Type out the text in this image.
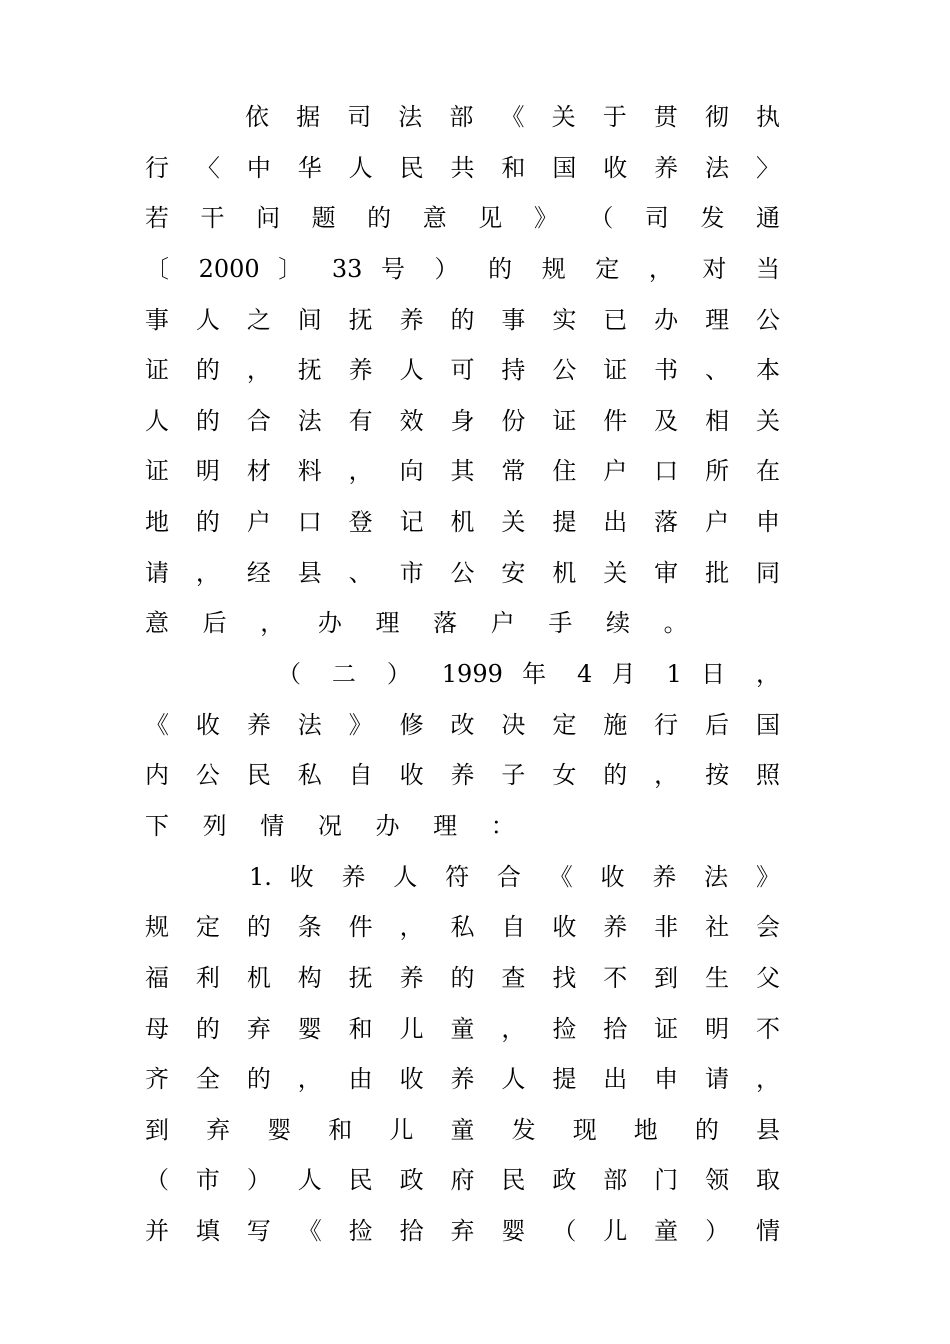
依 据 司 法 部 《 关 于 贯 彻 执
行 〈 中 华 人 民 共 和 国 收 养 法 〉
若 干 问 题 的 意 见 》 （ 司 发 通
〔 2000 〕 33 号 ） 的 规 定 ， 对 当
事 人 之 间 抚 养 的 事 实 已 办 理 公
证 的 ， 抚 养 人 可 持 公 证 书 、 本
人 的 合 法 有 效 身 份 证 件 及 相 关
证 明 材 料 ， 向 其 常 住 户 口 所 在
地 的 户 口 登 记 机 关 提 出 落 户 申
请 ， 经 县 、 市 公 安 机 关 审 批 同
意 后 ， 办 理 落 户 手 续 。
（ 二 ） 1999 年 4 月 1 日 ，
《 收 养 法 》 修 改 决 定 施 行 后 国
内 公 民 私 自 收 养 子 女 的 ， 按 照
下 列 情 况 办 理 ：
1. 收 养 人 符 合 《 收 养 法 》
规 定 的 条 件 ， 私 自 收 养 非 社 会
福 利 机 构 抚 养 的 查 找 不 到 生 父
母 的 弃 婴 和 儿 童 ， 捡 拾 证 明 不
齐 全 的 ， 由 收 养 人 提 出 申 请 ，
到 弃 婴 和 儿 童 发 现 地 的 县
（ 市 ） 人 民 政 府 民 政 部 门 领 取
并 填 写 《 捡 拾 弃 婴 （ 儿 童 ） 情
